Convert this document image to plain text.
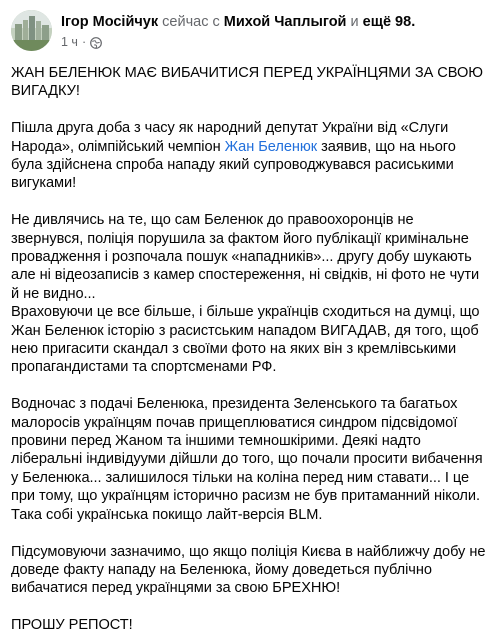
Ігор Мосійчук сейчас с Михой Чаплыгой и ещё 98.
1 ч ·

ЖАН БЕЛЕНЮК МАЄ ВИБАЧИТИСЯ ПЕРЕД УКРАЇНЦЯМИ ЗА СВОЮ ВИГАДКУ!

Пішла друга доба з часу як народний депутат України від «Слуги Народа», олімпійський чемпіон Жан Беленюк заявив, що на нього була здійснена спроба нападу який супроводжувався расиськими вигуками!

Не дивлячись на те, що сам Беленюк до правоохоронців не звернувся, поліція порушила за фактом його публікації кримінальне провадження і розпочала пошук «нападників»... другу добу шукають але ні відеозаписів з камер спостереження, ні свідків, ні фото не чути й не видно...
Враховуючи це все більше, і більше українців сходиться на думці, що Жан Беленюк історію з расистським нападом ВИГАДАВ, дя того, щоб нею пригасити скандал з своїми фото на яких він з кремлівськими пропагандистами та спортсменами РФ.

Водночас з подачі Беленюка, президента Зеленського та багатьох малоросів українцям почав прищеплюватися синдром підсвідомої провини перед Жаном та іншими темношкірими. Деякі надто ліберальні індивідууми дійшли до того, що почали просити вибачення у Беленюка... залишилося тільки на коліна перед ним ставати... І це при тому, що українцям історично расизм не був притаманний ніколи.
Така собі українська покищо лайт-версія BLM.

Підсумовуючи зазначимо, що якщо поліція Києва в найближчу добу не доведе факту нападу на Беленюка, йому доведеться публічно вибачатися перед українцями за свою БРЕХНЮ!

ПРОШУ РЕПОСТ!
